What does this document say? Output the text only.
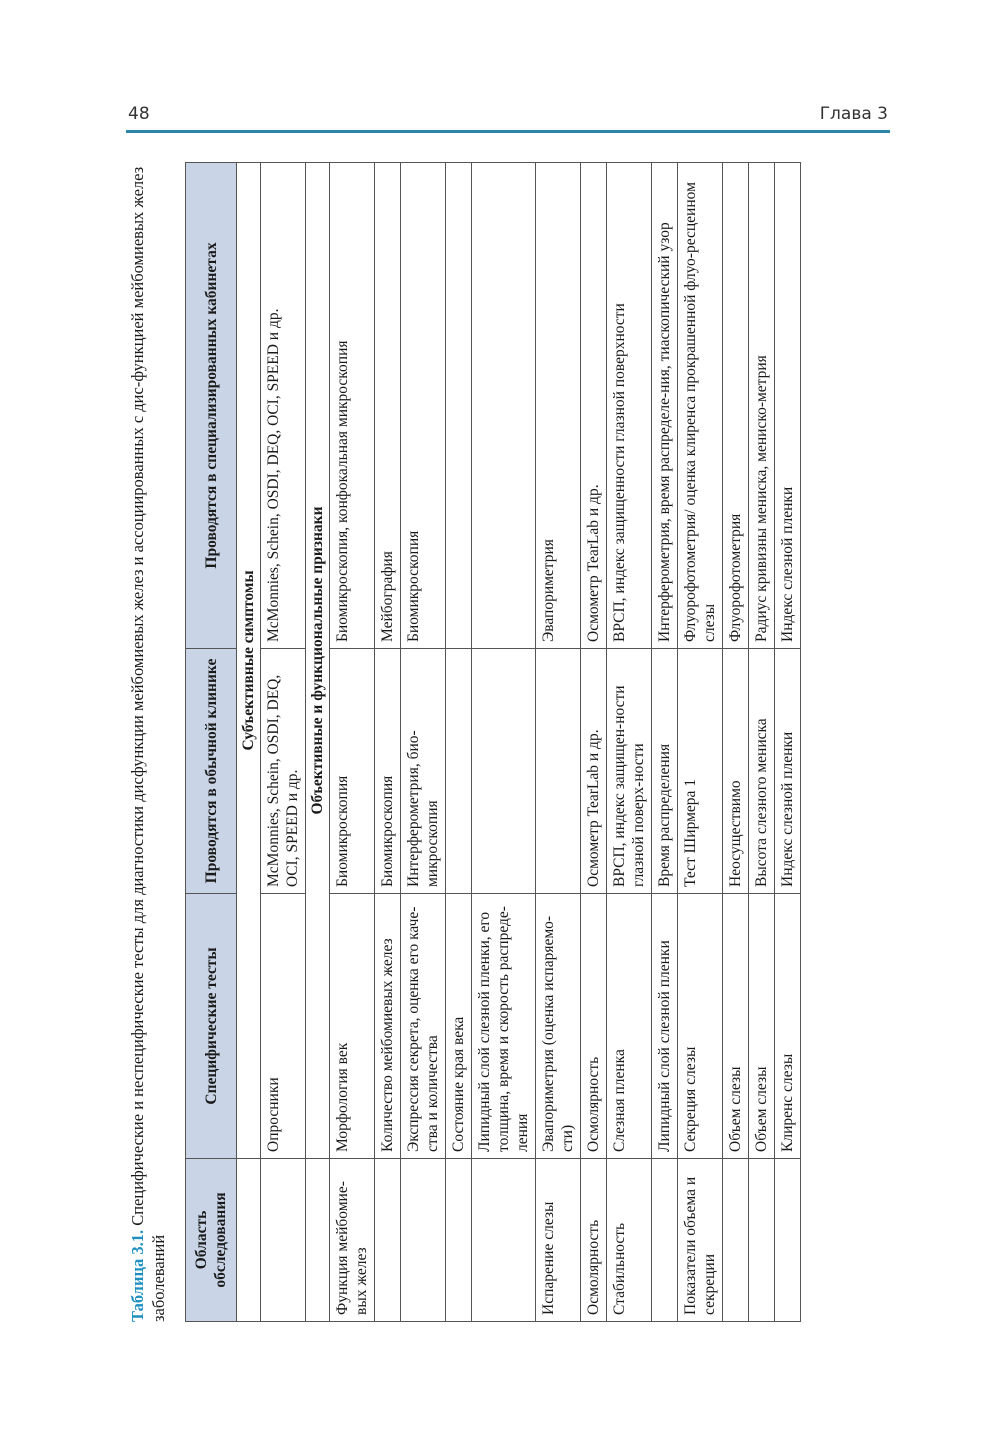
48	Глава 3
Таблица 3.1. Специфические и неспецифические тесты для диагностики дисфункции мейбомиевых желез и ассоциированных с дис-функцией мейбомиевых желез заболеваний Область обследования	Специфические тесты	Проводятся в обычной клинике	Проводятся в специализированных кабинетах
	Субъективные симптомы		
	Опросники	McMonnies, Schein, OSDI, DEQ, OCI, SPEED и др.	McMonnies, Schein, OSDI, DEQ, OCI, SPEED и др.
	Объективные и функциональные признаки		
Функция мейбомие-вых желез	Морфология век	Биомикроскопия	Биомикроскопия, конфокальная микроскопия
	Количество мейбомиевых желез	Биомикроскопия	Мейбография
	Экспрессия секрета, оценка его каче-ства и количества	Интерферометрия, био-микроскопия	Биомикроскопия
	Состояние края века		
	Липидный слой слезной пленки, его толщина, время и скорость распреде-ления		
Испарение слезы	Эвапориметрия (оценка испаряемо-сти)		Эвапориметрия
Осмолярность	Осмолярность	Осмометр TearLab и др.	Осмометр TearLab и др.
Стабильность	Слезная пленка	ВРСП, индекс защищен-ности глазной поверх-ности	ВРСП, индекс защищенности глазной поверхности
	Липидный слой слезной пленки	Время распределения	Интерферометрия, время распределе-ния, тиаскопический узор
Показатели объема и секреции	Секреция слезы	Тест Ширмера 1	Флуорофотометрия/ оценка клиренса прокрашенной флуо-ресцеином слезы
	Объем слезы	Неосуществимо	Флуорофотометрия
	Объем слезы	Высота слезного мениска	Радиус кривизны мениска, мениско-метрия
	Клиренс слезы	Индекс слезной пленки	Индекс слезной пленки
